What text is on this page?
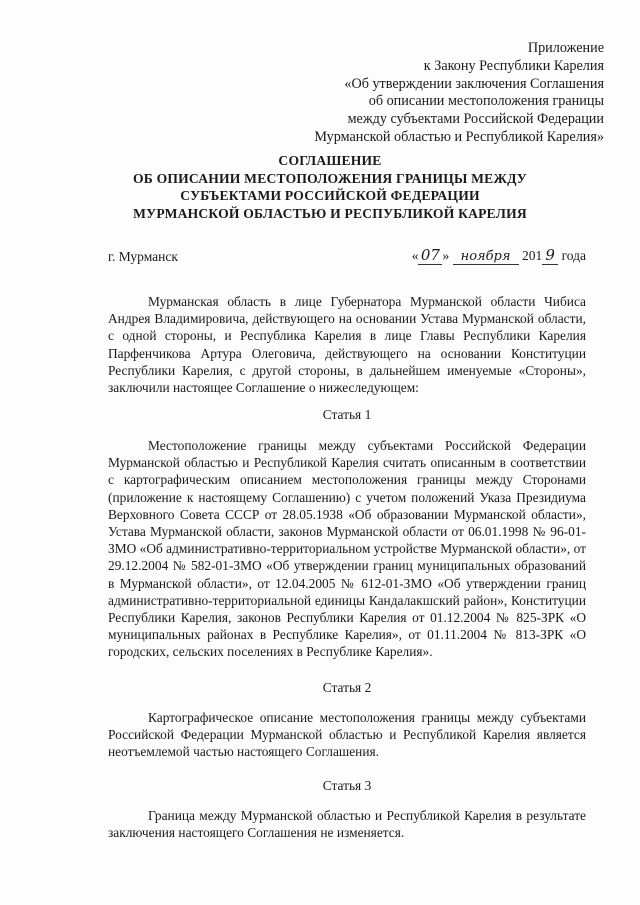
Приложение
к Закону Республики Карелия
«Об утверждении заключения Соглашения
об описании местоположения границы
между субъектами Российской Федерации
Мурманской областью и Республикой Карелия»
СОГЛАШЕНИЕ
ОБ ОПИСАНИИ МЕСТОПОЛОЖЕНИЯ ГРАНИЦЫ МЕЖДУ
СУБЪЕКТАМИ РОССИЙСКОЙ ФЕДЕРАЦИИ
МУРМАНСКОЙ ОБЛАСТЬЮ И РЕСПУБЛИКОЙ КАРЕЛИЯ
г. Мурманск	« 07 » ноября 201 9 года
Мурманская область в лице Губернатора Мурманской области Чибиса Андрея Владимировича, действующего на основании Устава Мурманской области, с одной стороны, и Республика Карелия в лице Главы Республики Карелия Парфенчикова Артура Олеговича, действующего на основании Конституции Республики Карелия, с другой стороны, в дальнейшем именуемые «Стороны», заключили настоящее Соглашение о нижеследующем:
Статья 1
Местоположение границы между субъектами Российской Федерации Мурманской областью и Республикой Карелия считать описанным в соответствии с картографическим описанием местоположения границы между Сторонами (приложение к настоящему Соглашению) с учетом положений Указа Президиума Верховного Совета СССР от 28.05.1938 «Об образовании Мурманской области», Устава Мурманской области, законов Мурманской области от 06.01.1998 № 96-01-ЗМО «Об административно-территориальном устройстве Мурманской области», от 29.12.2004 № 582-01-ЗМО «Об утверждении границ муниципальных образований в Мурманской области», от 12.04.2005 № 612-01-ЗМО «Об утверждении границ административно-территориальной единицы Кандалакшский район», Конституции Республики Карелия, законов Республики Карелия от 01.12.2004 № 825-ЗРК «О муниципальных районах в Республике Карелия», от 01.11.2004 № 813-ЗРК «О городских, сельских поселениях в Республике Карелия».
Статья 2
Картографическое описание местоположения границы между субъектами Российской Федерации Мурманской областью и Республикой Карелия является неотъемлемой частью настоящего Соглашения.
Статья 3
Граница между Мурманской областью и Республикой Карелия в результате заключения настоящего Соглашения не изменяется.
